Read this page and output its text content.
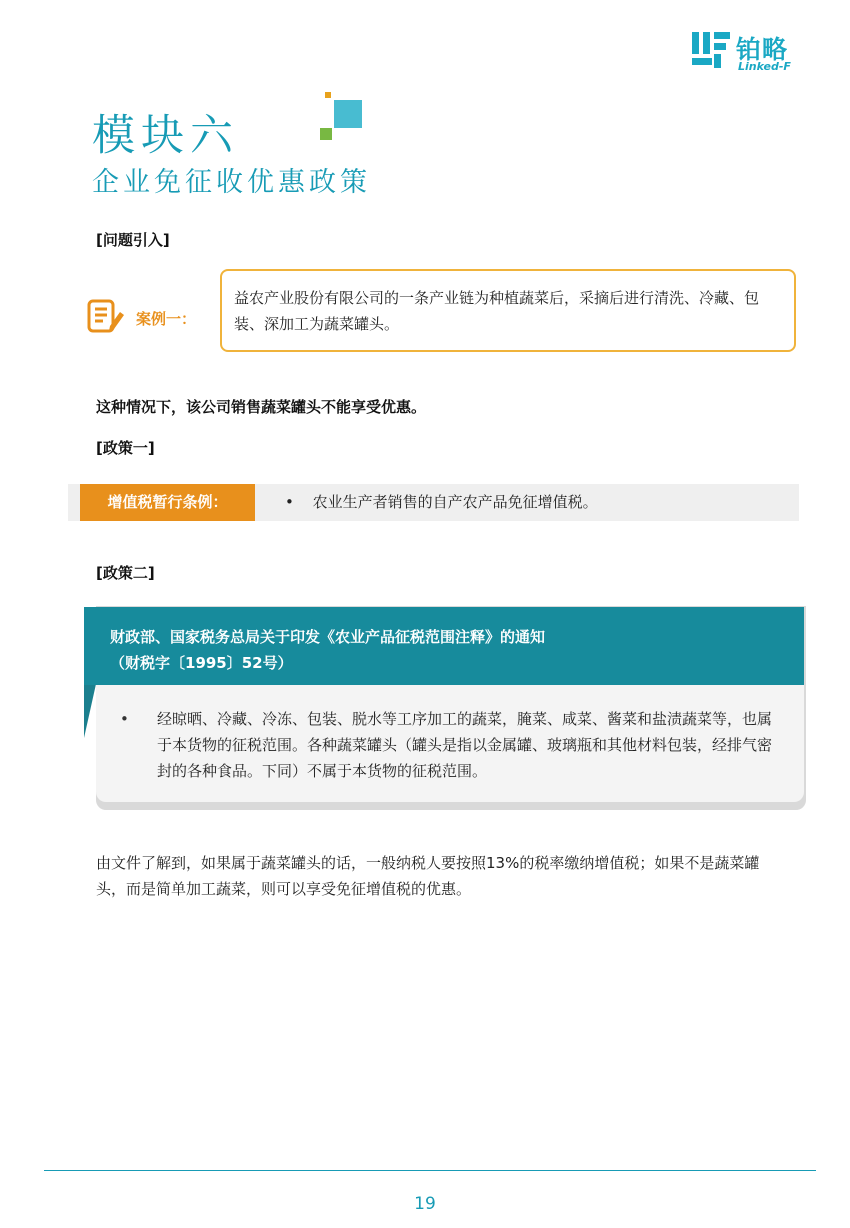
铂略
Linked-F
模块六
企业免征收优惠政策
[问题引入]
案例一：
益农产业股份有限公司的一条产业链为种植蔬菜后，采摘后进行清洗、冷藏、包装、深加工为蔬菜罐头。
这种情况下，该公司销售蔬菜罐头不能享受优惠。
[政策一]
增值税暂行条例：	• 农业生产者销售的自产农产品免征增值税。
[政策二]
财政部、国家税务总局关于印发《农业产品征税范围注释》的通知
（财税字〔1995〕52号）
• 经晾晒、冷藏、冷冻、包装、脱水等工序加工的蔬菜，腌菜、咸菜、酱菜和盐渍蔬菜等，也属于本货物的征税范围。各种蔬菜罐头（罐头是指以金属罐、玻璃瓶和其他材料包装，经排气密封的各种食品。下同）不属于本货物的征税范围。
由文件了解到，如果属于蔬菜罐头的话，一般纳税人要按照13%的税率缴纳增值税；如果不是蔬菜罐头，而是简单加工蔬菜，则可以享受免征增值税的优惠。
19
